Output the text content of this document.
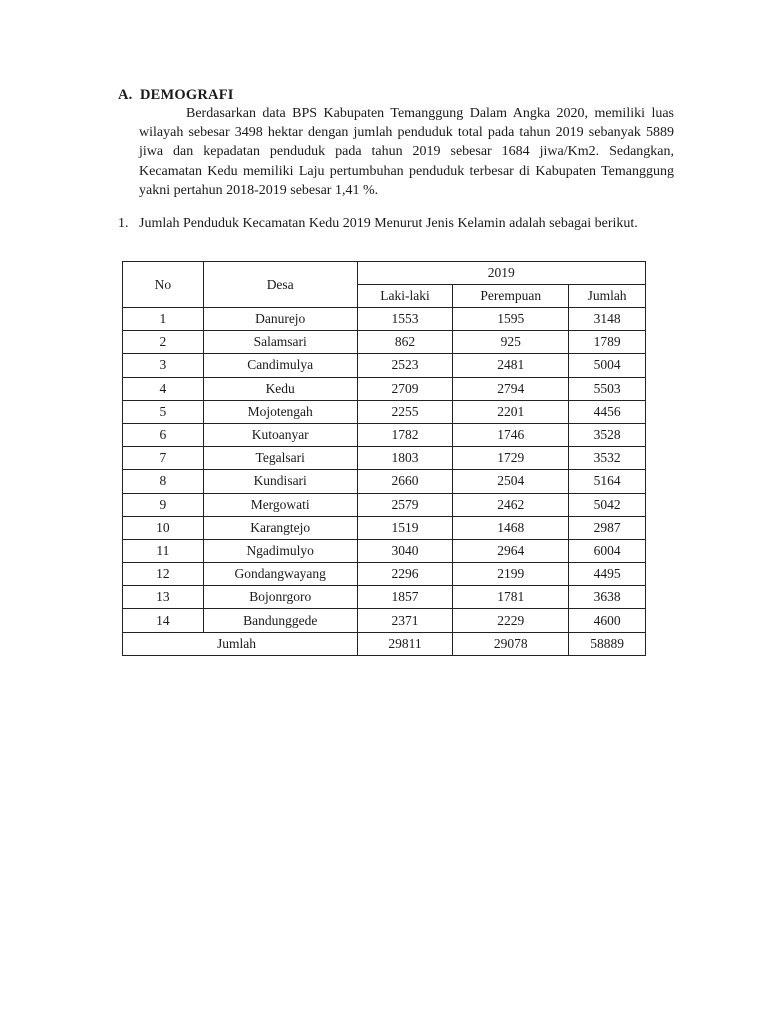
A. DEMOGRAFI

Berdasarkan data BPS Kabupaten Temanggung Dalam Angka 2020, memiliki luas wilayah sebesar 3498 hektar dengan jumlah penduduk total pada tahun 2019 sebanyak 5889 jiwa dan kepadatan penduduk pada tahun 2019 sebesar 1684 jiwa/Km2. Sedangkan, Kecamatan Kedu memiliki Laju pertumbuhan penduduk terbesar di Kabupaten Temanggung yakni pertahun 2018-2019 sebesar 1,41 %.

1. Jumlah Penduduk Kecamatan Kedu 2019 Menurut Jenis Kelamin adalah sebagai berikut.
No	Desa	2019		
		Laki-laki	Perempuan	Jumlah
1	Danurejo	1553	1595	3148
2	Salamsari	862	925	1789
3	Candimulya	2523	2481	5004
4	Kedu	2709	2794	5503
5	Mojotengah	2255	2201	4456
6	Kutoanyar	1782	1746	3528
7	Tegalsari	1803	1729	3532
8	Kundisari	2660	2504	5164
9	Mergowati	2579	2462	5042
10	Karangtejo	1519	1468	2987
11	Ngadimulyo	3040	2964	6004
12	Gondangwayang	2296	2199	4495
13	Bojonrgoro	1857	1781	3638
14	Bandunggede	2371	2229	4600
Jumlah		29811	29078	58889
